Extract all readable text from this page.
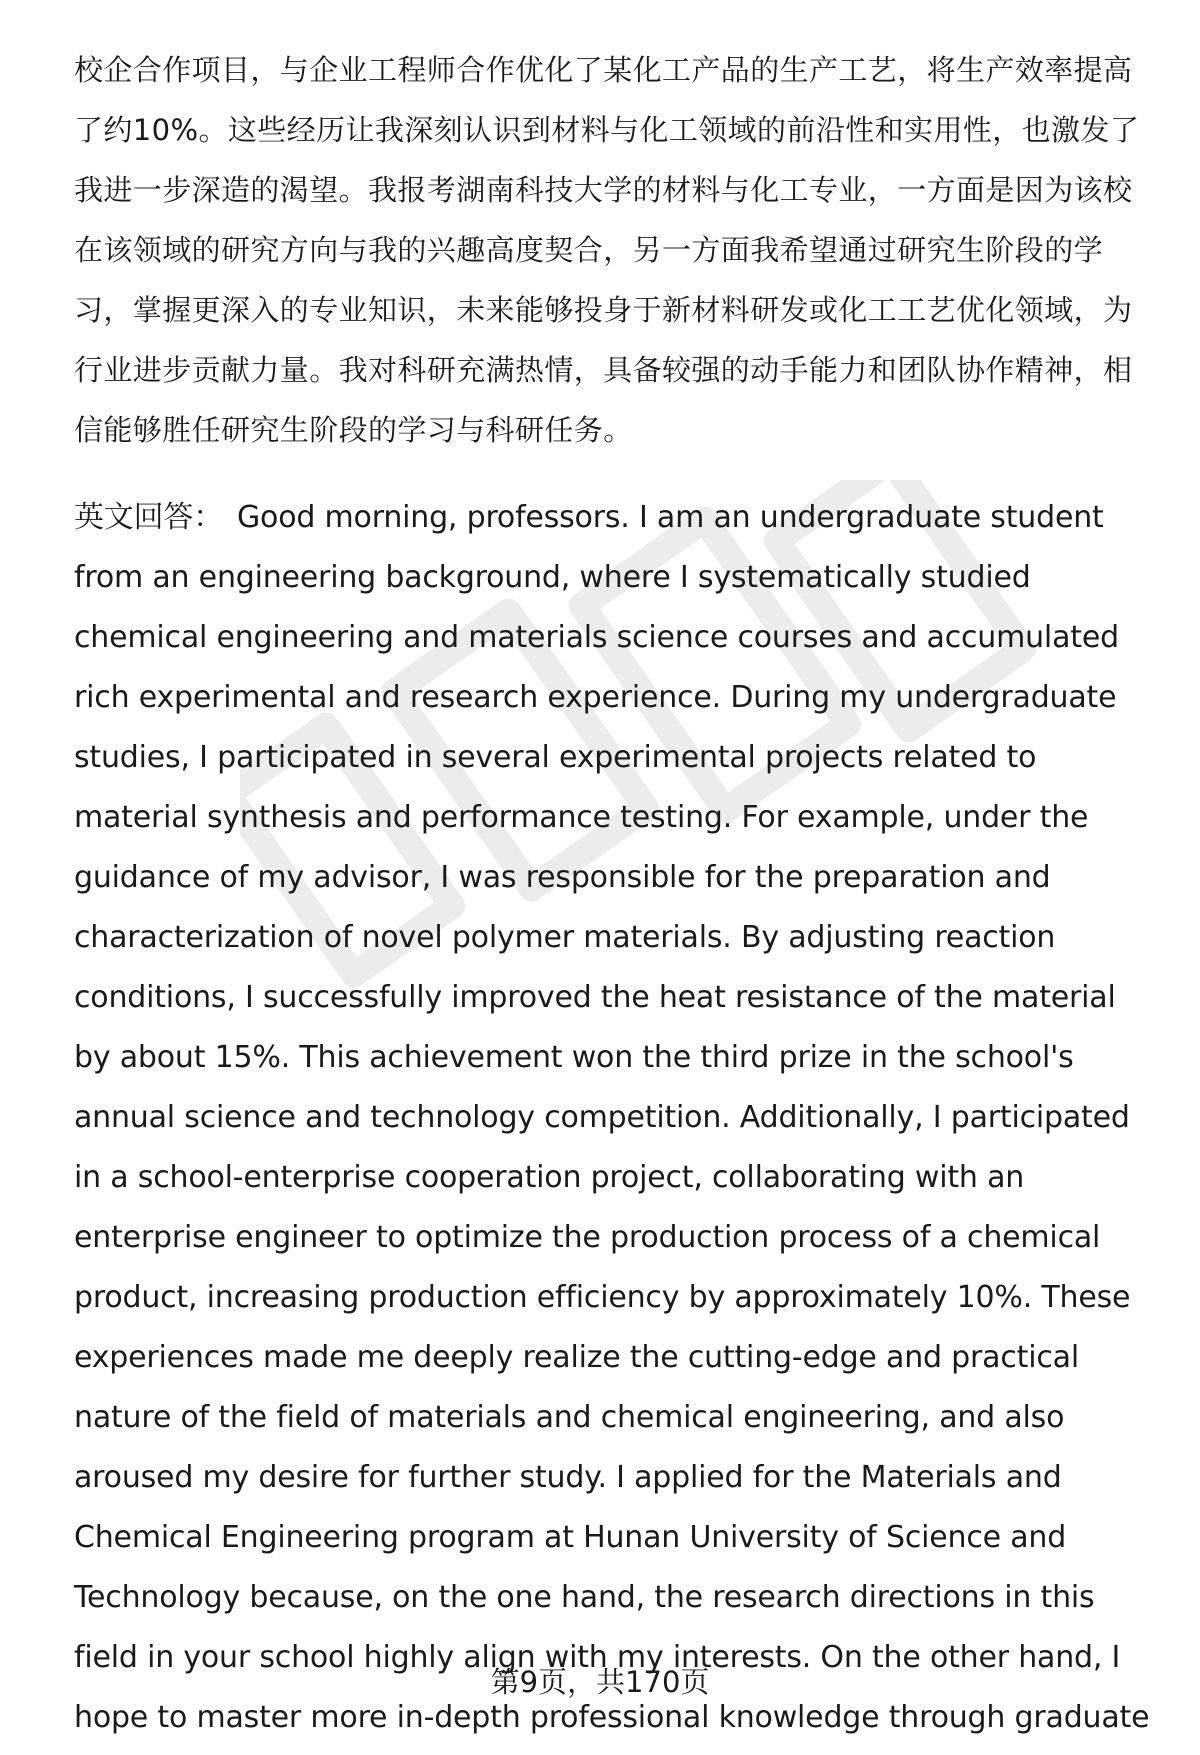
校企合作项目，与企业工程师合作优化了某化工产品的生产工艺，将生产效率提高了约10%。这些经历让我深刻认识到材料与化工领域的前沿性和实用性，也激发了我进一步深造的渴望。我报考湖南科技大学的材料与化工专业，一方面是因为该校在该领域的研究方向与我的兴趣高度契合，另一方面我希望通过研究生阶段的学习，掌握更深入的专业知识，未来能够投身于新材料研发或化工工艺优化领域，为行业进步贡献力量。我对科研充满热情，具备较强的动手能力和团队协作精神，相信能够胜任研究生阶段的学习与科研任务。

英文回答： Good morning, professors. I am an undergraduate student from an engineering background, where I systematically studied chemical engineering and materials science courses and accumulated rich experimental and research experience. During my undergraduate studies, I participated in several experimental projects related to material synthesis and performance testing. For example, under the guidance of my advisor, I was responsible for the preparation and characterization of novel polymer materials. By adjusting reaction conditions, I successfully improved the heat resistance of the material by about 15%. This achievement won the third prize in the school's annual science and technology competition. Additionally, I participated in a school-enterprise cooperation project, collaborating with an enterprise engineer to optimize the production process of a chemical product, increasing production efficiency by approximately 10%. These experiences made me deeply realize the cutting-edge and practical nature of the field of materials and chemical engineering, and also aroused my desire for further study. I applied for the Materials and Chemical Engineering program at Hunan University of Science and Technology because, on the one hand, the research directions in this field in your school highly align with my interests. On the other hand, I hope to master more in-depth professional knowledge through graduate

第9页，共170页
